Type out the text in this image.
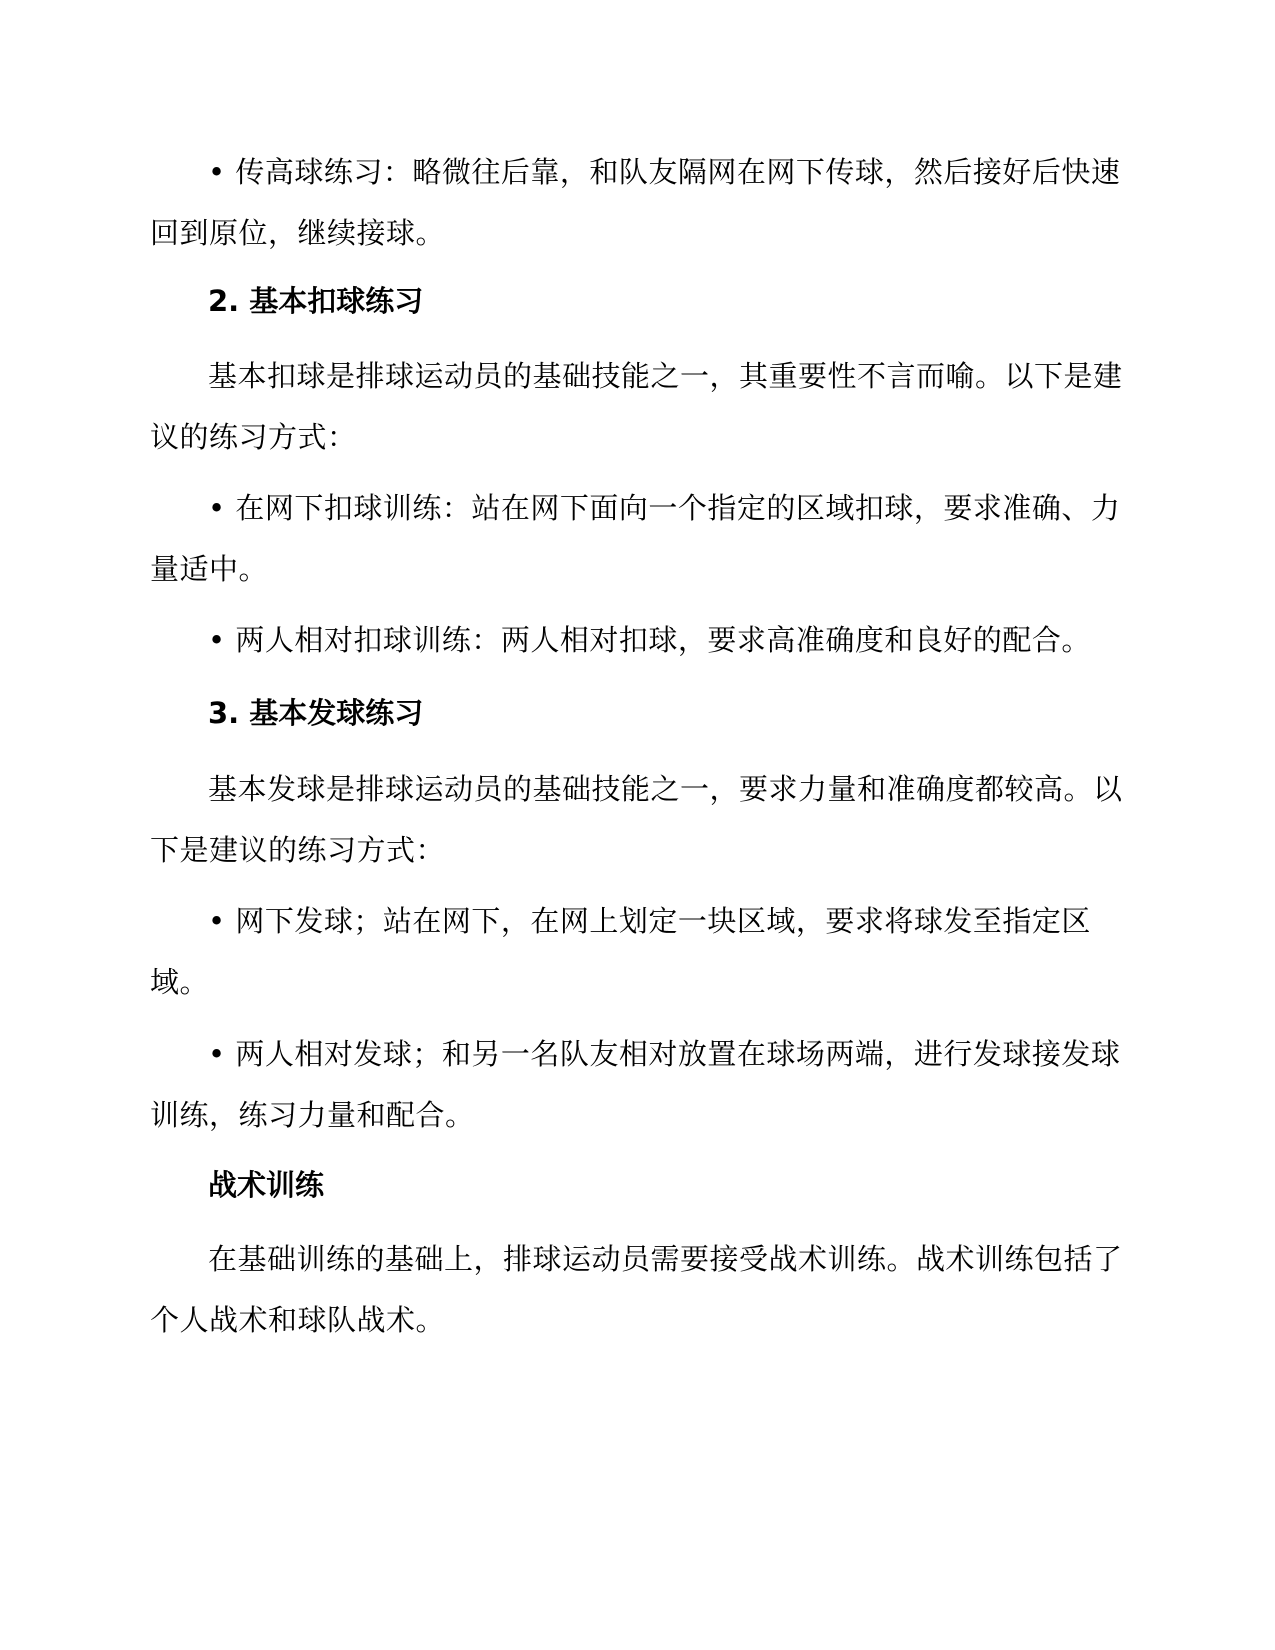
• 传高球练习：略微往后靠，和队友隔网在网下传球，然后接好后快速回到原位，继续接球。

2. 基本扣球练习

基本扣球是排球运动员的基础技能之一，其重要性不言而喻。以下是建议的练习方式：

• 在网下扣球训练：站在网下面向一个指定的区域扣球，要求准确、力量适中。

• 两人相对扣球训练：两人相对扣球，要求高准确度和良好的配合。

3. 基本发球练习

基本发球是排球运动员的基础技能之一，要求力量和准确度都较高。以下是建议的练习方式：

• 网下发球；站在网下，在网上划定一块区域，要求将球发至指定区域。

• 两人相对发球；和另一名队友相对放置在球场两端，进行发球接发球训练，练习力量和配合。

战术训练

在基础训练的基础上，排球运动员需要接受战术训练。战术训练包括了个人战术和球队战术。
